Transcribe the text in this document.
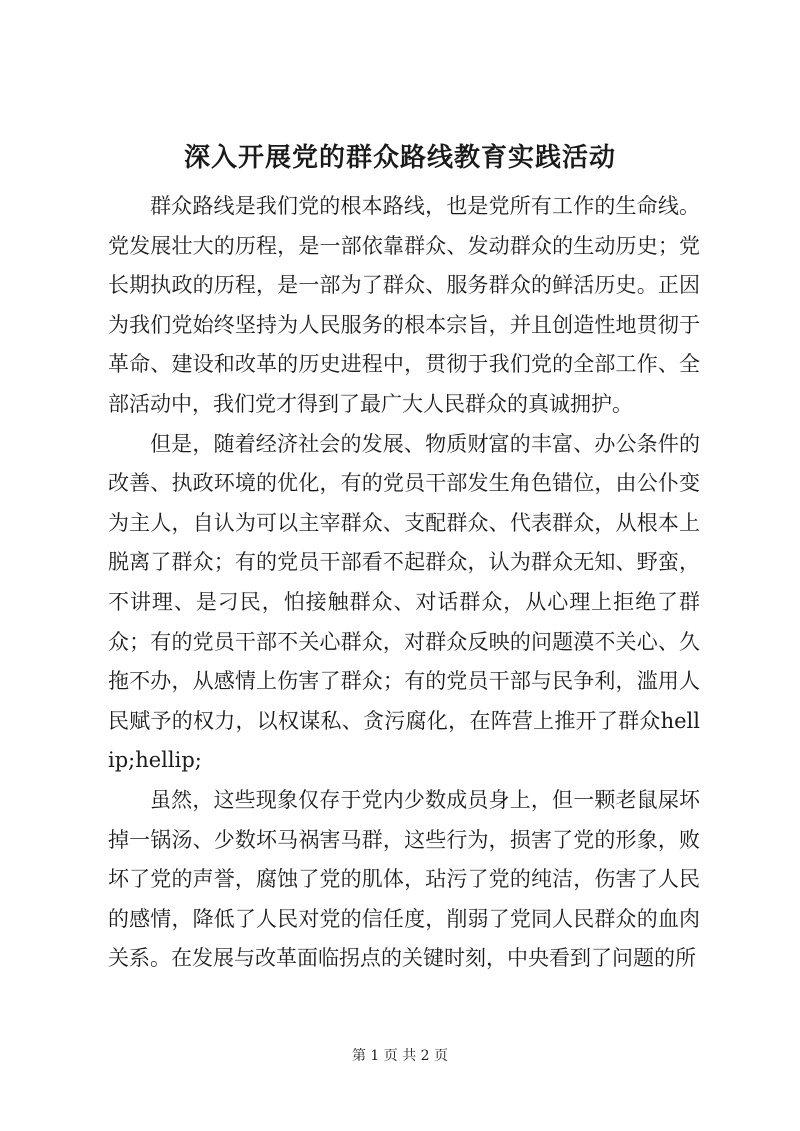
深入开展党的群众路线教育实践活动

群众路线是我们党的根本路线，也是党所有工作的生命线。党发展壮大的历程，是一部依靠群众、发动群众的生动历史；党长期执政的历程，是一部为了群众、服务群众的鲜活历史。正因为我们党始终坚持为人民服务的根本宗旨，并且创造性地贯彻于革命、建设和改革的历史进程中，贯彻于我们党的全部工作、全部活动中，我们党才得到了最广大人民群众的真诚拥护。

但是，随着经济社会的发展、物质财富的丰富、办公条件的改善、执政环境的优化，有的党员干部发生角色错位，由公仆变为主人，自认为可以主宰群众、支配群众、代表群众，从根本上脱离了群众；有的党员干部看不起群众，认为群众无知、野蛮，不讲理、是刁民，怕接触群众、对话群众，从心理上拒绝了群众；有的党员干部不关心群众，对群众反映的问题漠不关心、久拖不办，从感情上伤害了群众；有的党员干部与民争利，滥用人民赋予的权力，以权谋私、贪污腐化，在阵营上推开了群众hellip;hellip;

虽然，这些现象仅存于党内少数成员身上，但一颗老鼠屎坏掉一锅汤、少数坏马祸害马群，这些行为，损害了党的形象，败坏了党的声誉，腐蚀了党的肌体，玷污了党的纯洁，伤害了人民的感情，降低了人民对党的信任度，削弱了党同人民群众的血肉关系。在发展与改革面临拐点的关键时刻，中央看到了问题的所

第 1 页 共 2 页
